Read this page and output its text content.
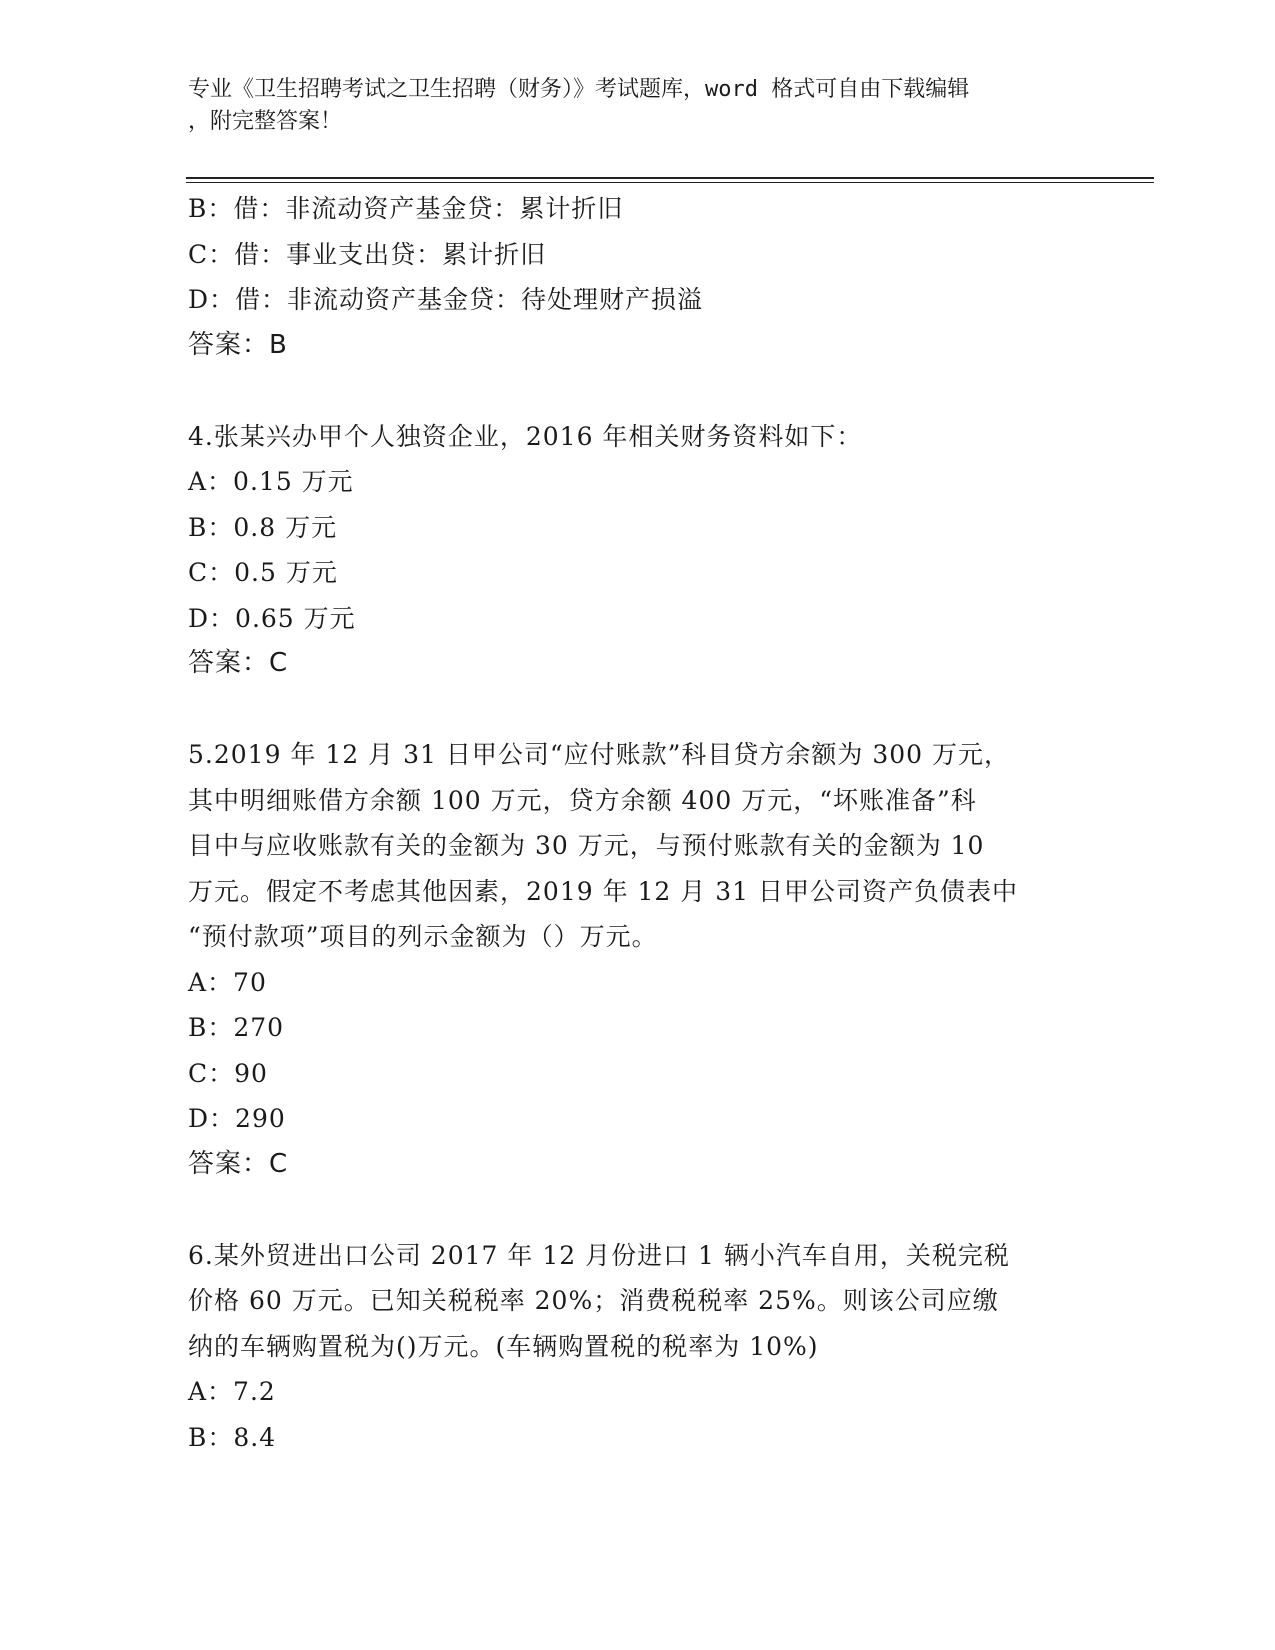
专业《卫生招聘考试之卫生招聘（财务）》考试题库，word 格式可自由下载编辑
，附完整答案！
B：借：非流动资产基金贷：累计折旧
C：借：事业支出贷：累计折旧
D：借：非流动资产基金贷：待处理财产损溢
答案：B
4.张某兴办甲个人独资企业，2016 年相关财务资料如下：
A：0.15 万元
B：0.8 万元
C：0.5 万元
D：0.65 万元
答案：C
5.2019 年 12 月 31 日甲公司“应付账款”科目贷方余额为 300 万元，
其中明细账借方余额 100 万元，贷方余额 400 万元，“坏账准备”科
目中与应收账款有关的金额为 30 万元，与预付账款有关的金额为 10
万元。假定不考虑其他因素，2019 年 12 月 31 日甲公司资产负债表中
“预付款项”项目的列示金额为（）万元。
A：70
B：270
C：90
D：290
答案：C
6.某外贸进出口公司 2017 年 12 月份进口 1 辆小汽车自用，关税完税
价格 60 万元。已知关税税率 20%；消费税税率 25%。则该公司应缴
纳的车辆购置税为()万元。(车辆购置税的税率为 10%)
A：7.2
B：8.4
